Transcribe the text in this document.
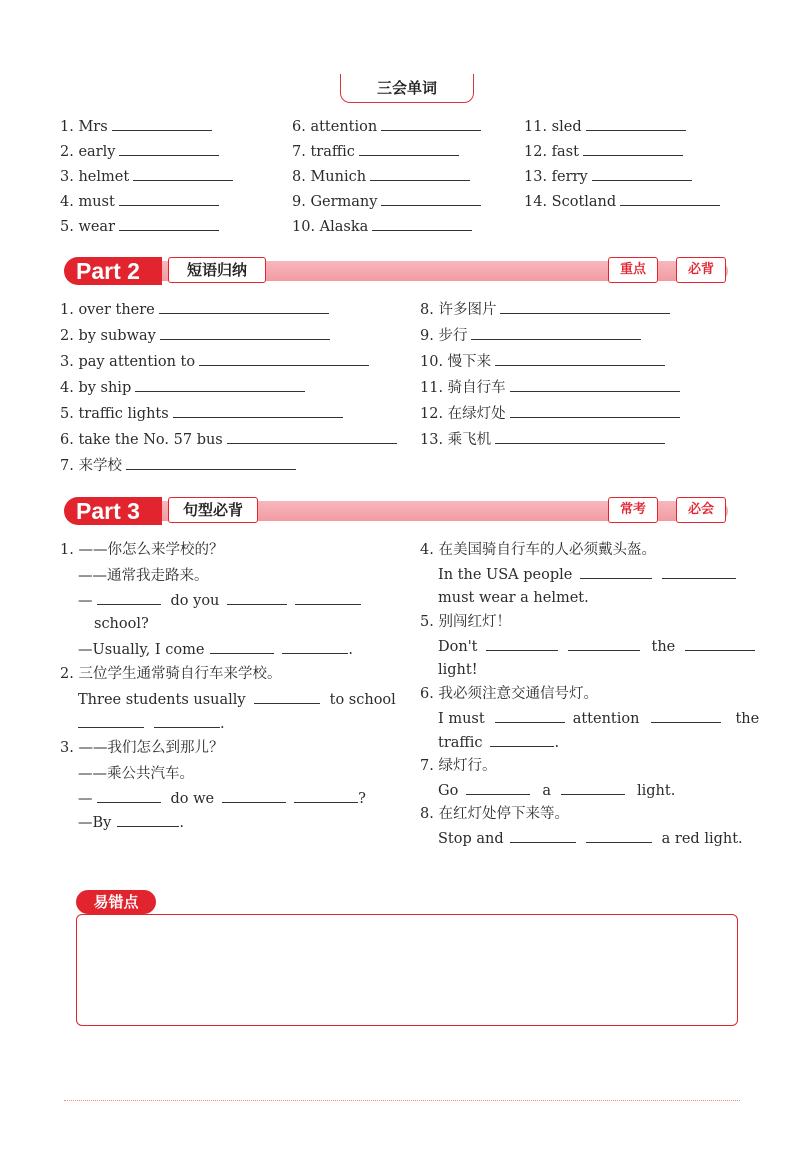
三会单词
1. Mrs
2. early
3. helmet
4. must
5. wear
6. attention
7. traffic
8. Munich
9. Germany
10. Alaska
11. sled
12. fast
13. ferry
14. Scotland
Part 2	短语归纳	重点	必背
1. over there
2. by subway
3. pay attention to
4. by ship
5. traffic lights
6. take the No. 57 bus
7. 来学校
8. 许多图片
9. 步行
10. 慢下来
11. 骑自行车
12. 在绿灯处
13. 乘飞机
Part 3	句型必背	常考	必会
1. ——你怎么来学校的？
——通常我走路来。
—	do you
school?
—Usually, I come	.
2. 三位学生通常骑自行车来学校。
Three students usually	to school
.
3. ——我们怎么到那儿？
——乘公共汽车。
—	do we	?
—By	.
4. 在美国骑自行车的人必须戴头盔。
In the USA people
must wear a helmet.
5. 别闯红灯！
Don't	the
light!
6. 我必须注意交通信号灯。
I must	attention	the
traffic	.
7. 绿灯行。
Go	a	light.
8. 在红灯处停下来等。
Stop and	a red light.
易错点
